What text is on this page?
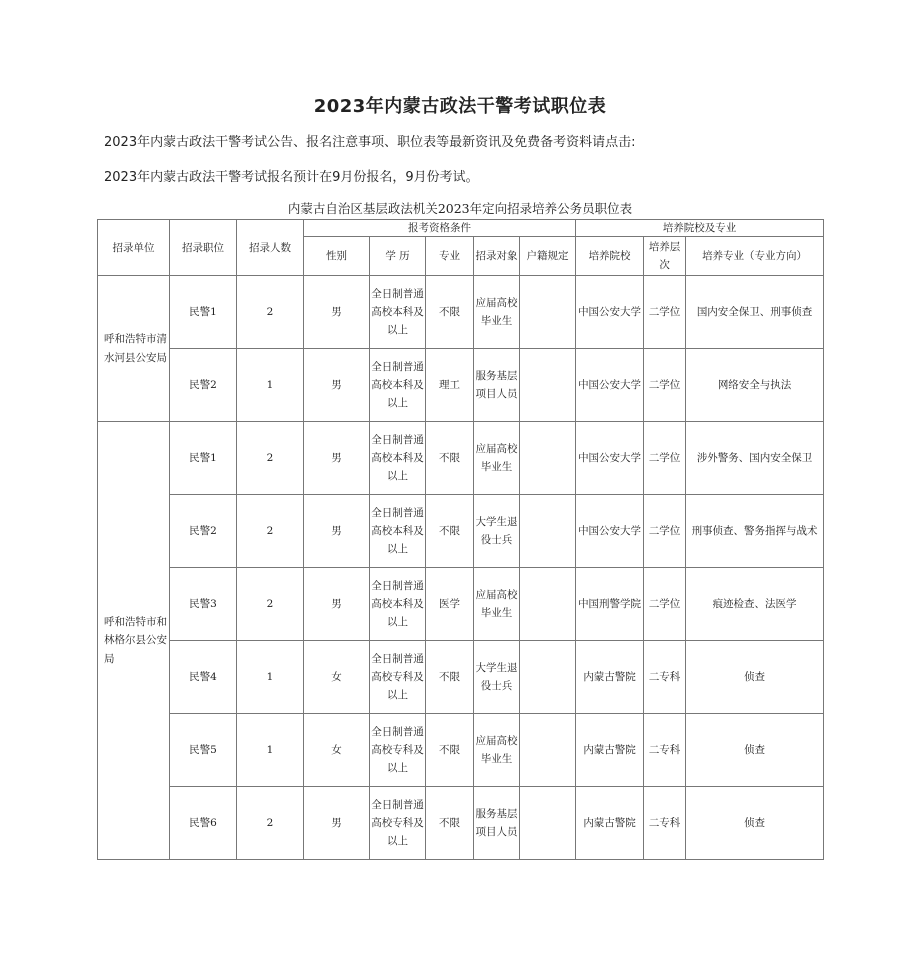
2023年内蒙古政法干警考试职位表
2023年内蒙古政法干警考试公告、报名注意事项、职位表等最新资讯及免费备考资料请点击:
2023年内蒙古政法干警考试报名预计在9月份报名，9月份考试。
内蒙古自治区基层政法机关2023年定向招录培养公务员职位表
招录单位	招录职位	招录人数	报考资格条件					培养院校及专业		
			性别	学 历	专业	招录对象	户籍规定	培养院校	培养层次	培养专业（专业方向）
呼和浩特市清水河县公安局	民警1	2	男	全日制普通高校本科及以上	不限	应届高校毕业生		中国公安大学	二学位	国内安全保卫、刑事侦查
	民警2	1	男	全日制普通高校本科及以上	理工	服务基层项目人员		中国公安大学	二学位	网络安全与执法
呼和浩特市和林格尔县公安局	民警1	2	男	全日制普通高校本科及以上	不限	应届高校毕业生		中国公安大学	二学位	涉外警务、国内安全保卫
	民警2	2	男	全日制普通高校本科及以上	不限	大学生退役士兵		中国公安大学	二学位	刑事侦查、警务指挥与战术
	民警3	2	男	全日制普通高校本科及以上	医学	应届高校毕业生		中国刑警学院	二学位	痕迹检查、法医学
	民警4	1	女	全日制普通高校专科及以上	不限	大学生退役士兵		内蒙古警院	二专科	侦查
	民警5	1	女	全日制普通高校专科及以上	不限	应届高校毕业生		内蒙古警院	二专科	侦查
	民警6	2	男	全日制普通高校专科及以上	不限	服务基层项目人员		内蒙古警院	二专科	侦查
